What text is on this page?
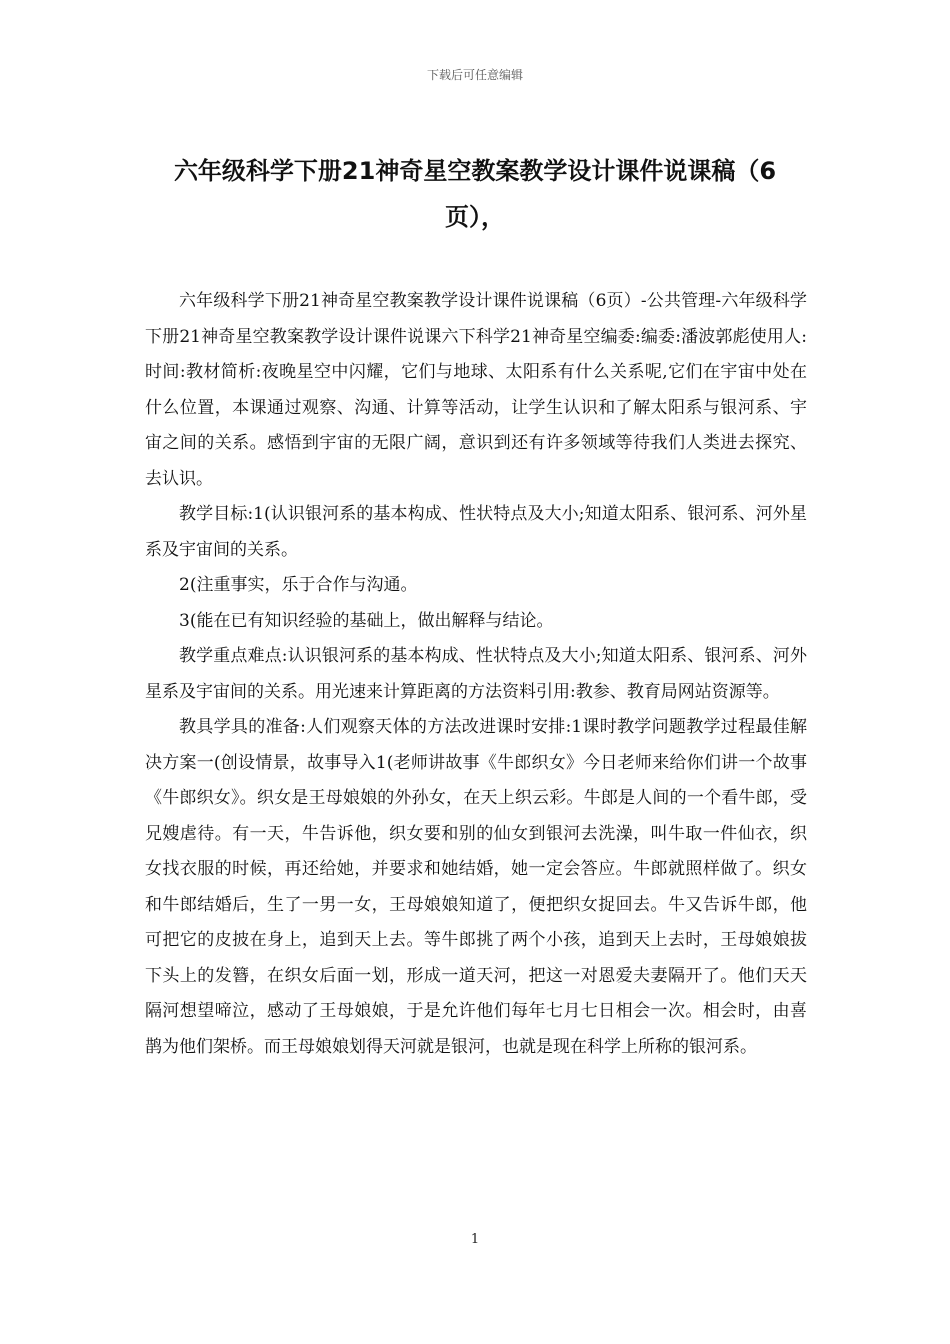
下载后可任意编辑
六年级科学下册21神奇星空教案教学设计课件说课稿（6页），

六年级科学下册21神奇星空教案教学设计课件说课稿（6页）-公共管理-六年级科学下册21神奇星空教案教学设计课件说课六下科学21神奇星空编委:编委:潘波郭彪使用人:时间:教材简析:夜晚星空中闪耀，它们与地球、太阳系有什么关系呢,它们在宇宙中处在什么位置，本课通过观察、沟通、计算等活动，让学生认识和了解太阳系与银河系、宇宙之间的关系。感悟到宇宙的无限广阔，意识到还有许多领域等待我们人类进去探究、去认识。

教学目标:1(认识银河系的基本构成、性状特点及大小;知道太阳系、银河系、河外星系及宇宙间的关系。

2(注重事实，乐于合作与沟通。

3(能在已有知识经验的基础上，做出解释与结论。

教学重点难点:认识银河系的基本构成、性状特点及大小;知道太阳系、银河系、河外星系及宇宙间的关系。用光速来计算距离的方法资料引用:教参、教育局网站资源等。

教具学具的准备:人们观察天体的方法改进课时安排:1课时教学问题教学过程最佳解决方案一(创设情景，故事导入1(老师讲故事《牛郎织女》今日老师来给你们讲一个故事《牛郎织女》。织女是王母娘娘的外孙女，在天上织云彩。牛郎是人间的一个看牛郎，受兄嫂虐待。有一天，牛告诉他，织女要和别的仙女到银河去洗澡，叫牛取一件仙衣，织女找衣服的时候，再还给她，并要求和她结婚，她一定会答应。牛郎就照样做了。织女和牛郎结婚后，生了一男一女，王母娘娘知道了，便把织女捉回去。牛又告诉牛郎，他可把它的皮披在身上，追到天上去。等牛郎挑了两个小孩，追到天上去时，王母娘娘拔下头上的发簪，在织女后面一划，形成一道天河，把这一对恩爱夫妻隔开了。他们天天隔河想望啼泣，感动了王母娘娘，于是允许他们每年七月七日相会一次。相会时，由喜鹊为他们架桥。而王母娘娘划得天河就是银河，也就是现在科学上所称的银河系。

1
